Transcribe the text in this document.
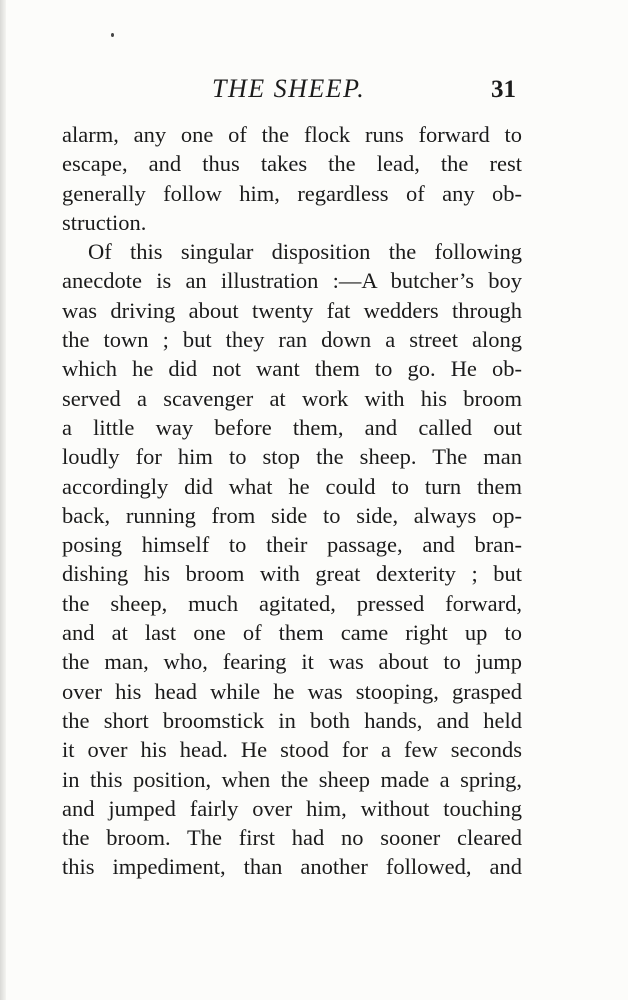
THE SHEEP.	31
alarm, any one of the flock runs forward to
escape, and thus takes the lead, the rest
generally follow him, regardless of any ob-
struction.
Of this singular disposition the following
anecdote is an illustration :—A butcher’s boy
was driving about twenty fat wedders through
the town ; but they ran down a street along
which he did not want them to go. He ob-
served a scavenger at work with his broom
a little way before them, and called out
loudly for him to stop the sheep. The man
accordingly did what he could to turn them
back, running from side to side, always op-
posing himself to their passage, and bran-
dishing his broom with great dexterity ; but
the sheep, much agitated, pressed forward,
and at last one of them came right up to
the man, who, fearing it was about to jump
over his head while he was stooping, grasped
the short broomstick in both hands, and held
it over his head. He stood for a few seconds
in this position, when the sheep made a spring,
and jumped fairly over him, without touching
the broom. The first had no sooner cleared
this impediment, than another followed, and
